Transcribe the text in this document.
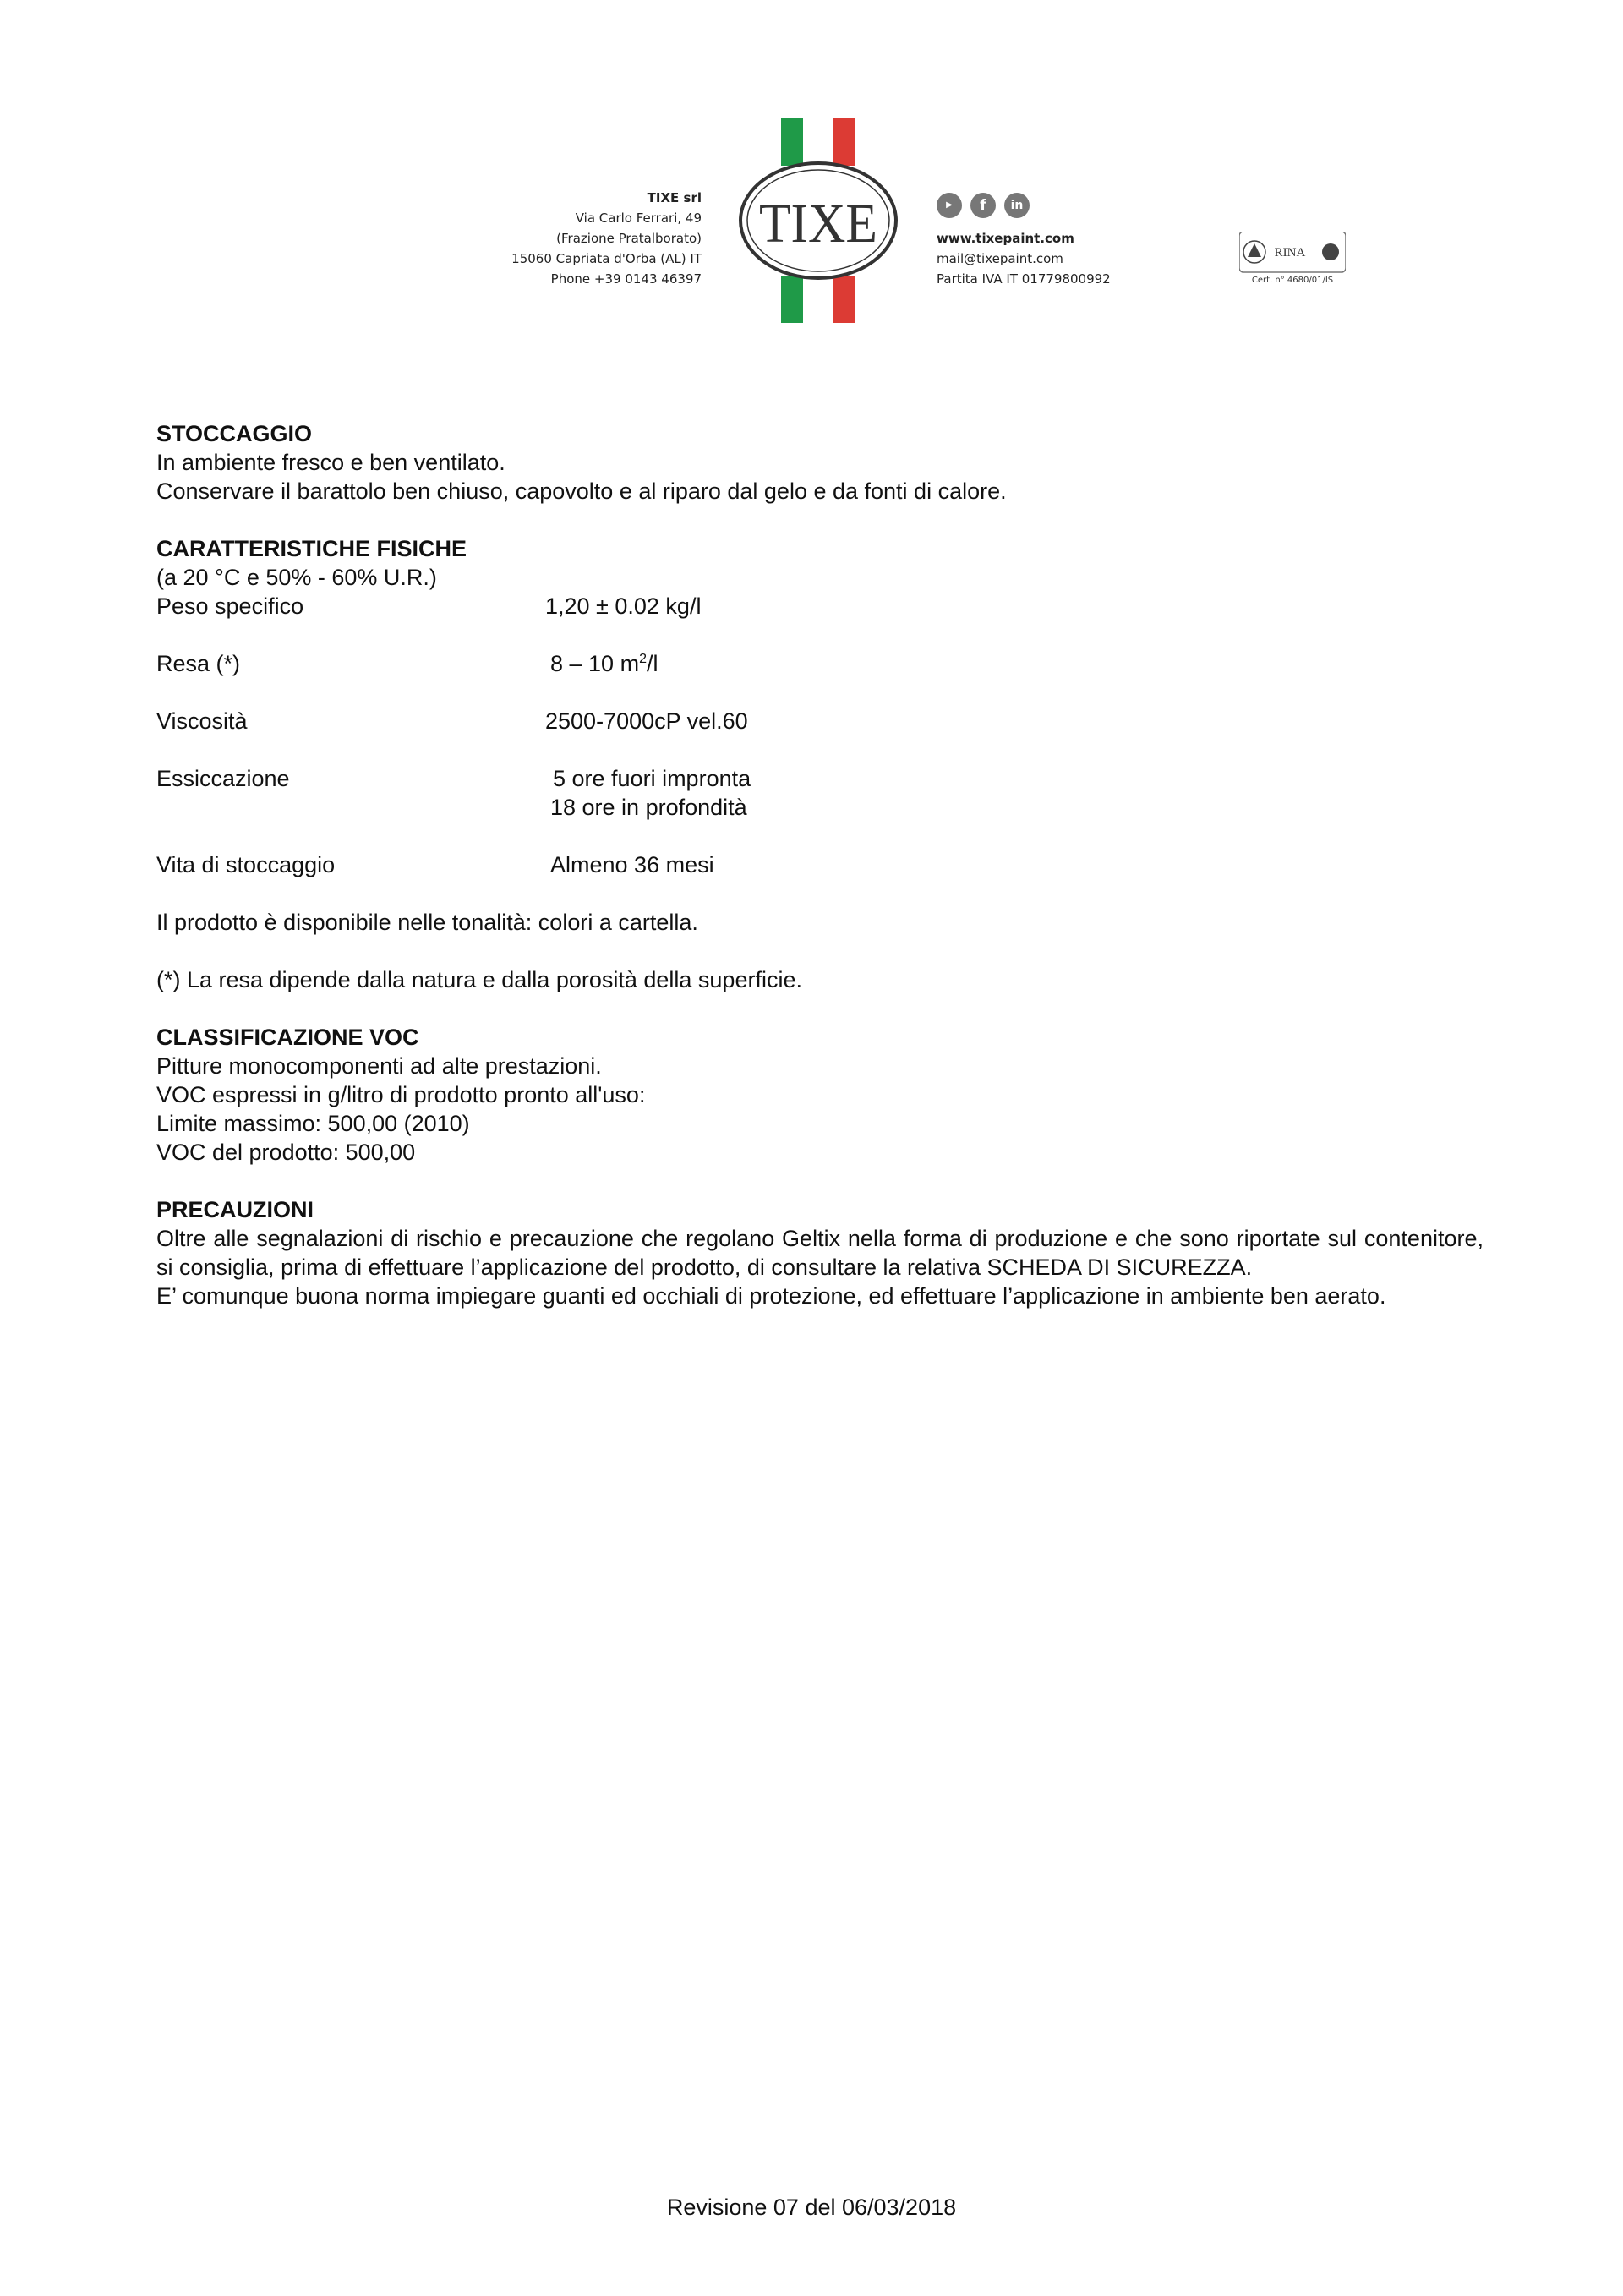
TIXE srl
Via Carlo Ferrari, 49
(Frazione Pratalborato)
15060 Capriata d'Orba (AL) IT
Phone +39 0143 46397
TIXE	▶	f	in
www.tixepaint.com
mail@tixepaint.com
Partita IVA IT 01779800992
RINA
Cert. n° 4680/01/IS
STOCCAGGIO
In ambiente fresco e ben ventilato.
Conservare il barattolo ben chiuso, capovolto e al riparo dal gelo e da fonti di calore.
CARATTERISTICHE FISICHE
(a 20 °C e 50% - 60% U.R.)
Peso specifico	1,20 ± 0.02 kg/l
Resa (*)	8 – 10 $m^2/l$
Viscosità	2500-7000cP vel.60
Essiccazione	5 ore fuori impronta
18 ore in profondità
Vita di stoccaggio	Almeno 36 mesi
Il prodotto è disponibile nelle tonalità: colori a cartella.
(*) La resa dipende dalla natura e dalla porosità della superficie.
CLASSIFICAZIONE VOC
Pitture monocomponenti ad alte prestazioni.
VOC espressi in g/litro di prodotto pronto all'uso:
Limite massimo: 500,00 (2010)
VOC del prodotto: 500,00
PRECAUZIONI
Oltre alle segnalazioni di rischio e precauzione che regolano Geltix nella forma di produzione e che sono riportate sul contenitore, si consiglia, prima di effettuare l’applicazione del prodotto, di consultare la relativa SCHEDA DI SICUREZZA.
E’ comunque buona norma impiegare guanti ed occhiali di protezione, ed effettuare l’applicazione in ambiente ben aerato.
Revisione 07 del 06/03/2018
